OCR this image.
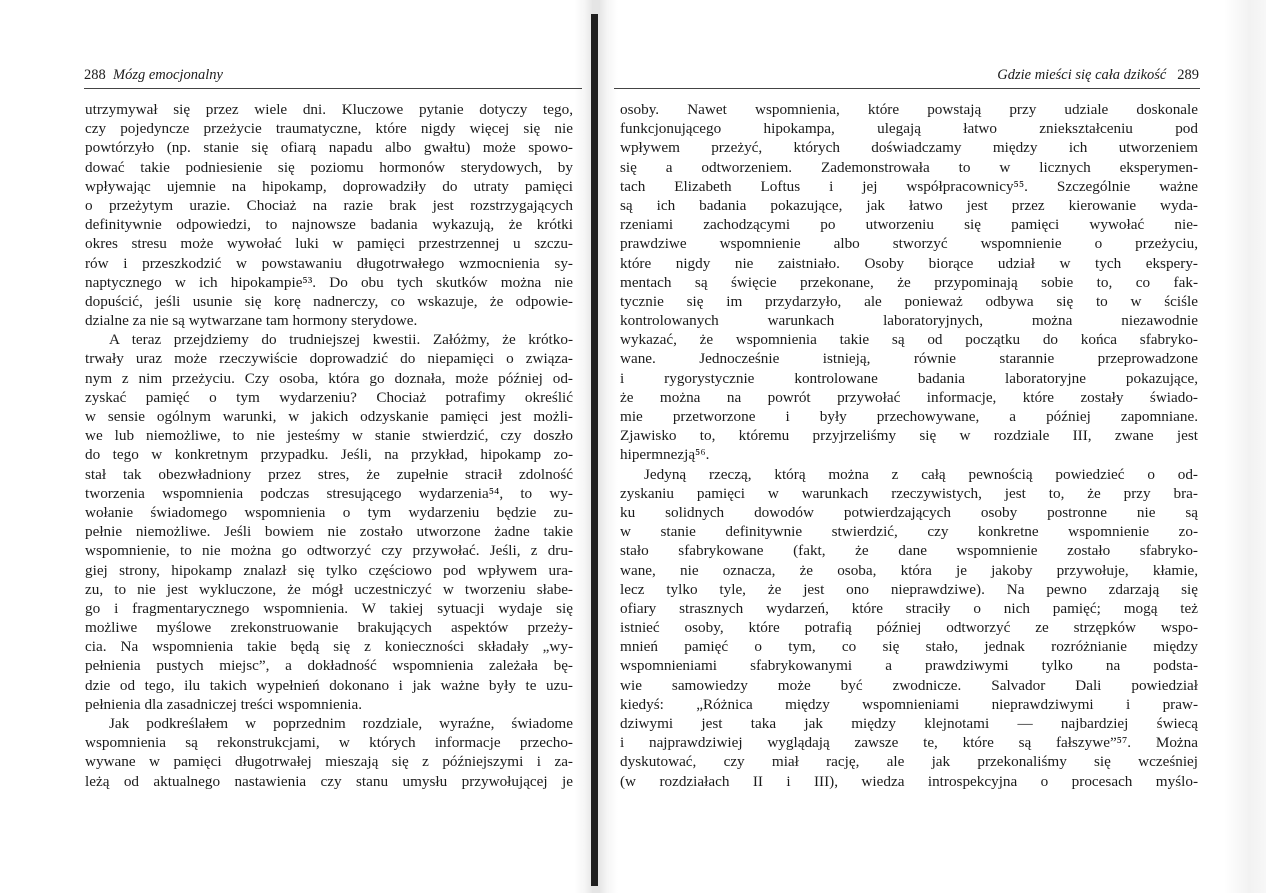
288 Mózg emocjonalny	Gdzie mieści się cała dzikość 289
utrzymywał się przez wiele dni. Kluczowe pytanie dotyczy tego,
czy pojedyncze przeżycie traumatyczne, które nigdy więcej się nie
powtórzyło (np. stanie się ofiarą napadu albo gwałtu) może spowo-
dować takie podniesienie się poziomu hormonów sterydowych, by
wpływając ujemnie na hipokamp, doprowadziły do utraty pamięci
o przeżytym urazie. Chociaż na razie brak jest rozstrzygających
definitywnie odpowiedzi, to najnowsze badania wykazują, że krótki
okres stresu może wywołać luki w pamięci przestrzennej u szczu-
rów i przeszkodzić w powstawaniu długotrwałego wzmocnienia sy-
naptycznego w ich hipokampie⁵³. Do obu tych skutków można nie
dopuścić, jeśli usunie się korę nadnerczy, co wskazuje, że odpowie-
dzialne za nie są wytwarzane tam hormony sterydowe.
A teraz przejdziemy do trudniejszej kwestii. Załóżmy, że krótko-
trwały uraz może rzeczywiście doprowadzić do niepamięci o związa-
nym z nim przeżyciu. Czy osoba, która go doznała, może później od-
zyskać pamięć o tym wydarzeniu? Chociaż potrafimy określić
w sensie ogólnym warunki, w jakich odzyskanie pamięci jest możli-
we lub niemożliwe, to nie jesteśmy w stanie stwierdzić, czy doszło
do tego w konkretnym przypadku. Jeśli, na przykład, hipokamp zo-
stał tak obezwładniony przez stres, że zupełnie stracił zdolność
tworzenia wspomnienia podczas stresującego wydarzenia⁵⁴, to wy-
wołanie świadomego wspomnienia o tym wydarzeniu będzie zu-
pełnie niemożliwe. Jeśli bowiem nie zostało utworzone żadne takie
wspomnienie, to nie można go odtworzyć czy przywołać. Jeśli, z dru-
giej strony, hipokamp znalazł się tylko częściowo pod wpływem ura-
zu, to nie jest wykluczone, że mógł uczestniczyć w tworzeniu słabe-
go i fragmentarycznego wspomnienia. W takiej sytuacji wydaje się
możliwe myślowe zrekonstruowanie brakujących aspektów przeży-
cia. Na wspomnienia takie będą się z konieczności składały „wy-
pełnienia pustych miejsc”, a dokładność wspomnienia zależała bę-
dzie od tego, ilu takich wypełnień dokonano i jak ważne były te uzu-
pełnienia dla zasadniczej treści wspomnienia.
Jak podkreślałem w poprzednim rozdziale, wyraźne, świadome
wspomnienia są rekonstrukcjami, w których informacje przecho-
wywane w pamięci długotrwałej mieszają się z późniejszymi i za-
leżą od aktualnego nastawienia czy stanu umysłu przywołującej je
osoby. Nawet wspomnienia, które powstają przy udziale doskonale
funkcjonującego hipokampa, ulegają łatwo zniekształceniu pod
wpływem przeżyć, których doświadczamy między ich utworzeniem
się a odtworzeniem. Zademonstrowała to w licznych eksperymen-
tach Elizabeth Loftus i jej współpracownicy⁵⁵. Szczególnie ważne
są ich badania pokazujące, jak łatwo jest przez kierowanie wyda-
rzeniami zachodzącymi po utworzeniu się pamięci wywołać nie-
prawdziwe wspomnienie albo stworzyć wspomnienie o przeżyciu,
które nigdy nie zaistniało. Osoby biorące udział w tych ekspery-
mentach są święcie przekonane, że przypominają sobie to, co fak-
tycznie się im przydarzyło, ale ponieważ odbywa się to w ściśle
kontrolowanych warunkach laboratoryjnych, można niezawodnie
wykazać, że wspomnienia takie są od początku do końca sfabryko-
wane. Jednocześnie istnieją, równie starannie przeprowadzone
i rygorystycznie kontrolowane badania laboratoryjne pokazujące,
że można na powrót przywołać informacje, które zostały świado-
mie przetworzone i były przechowywane, a później zapomniane.
Zjawisko to, któremu przyjrzeliśmy się w rozdziale III, zwane jest
hipermnezją⁵⁶.
Jedyną rzeczą, którą można z całą pewnością powiedzieć o od-
zyskaniu pamięci w warunkach rzeczywistych, jest to, że przy bra-
ku solidnych dowodów potwierdzających osoby postronne nie są
w stanie definitywnie stwierdzić, czy konkretne wspomnienie zo-
stało sfabrykowane (fakt, że dane wspomnienie zostało sfabryko-
wane, nie oznacza, że osoba, która je jakoby przywołuje, kłamie,
lecz tylko tyle, że jest ono nieprawdziwe). Na pewno zdarzają się
ofiary strasznych wydarzeń, które straciły o nich pamięć; mogą też
istnieć osoby, które potrafią później odtworzyć ze strzępków wspo-
mnień pamięć o tym, co się stało, jednak rozróżnianie między
wspomnieniami sfabrykowanymi a prawdziwymi tylko na podsta-
wie samowiedzy może być zwodnicze. Salvador Dali powiedział
kiedyś: „Różnica między wspomnieniami nieprawdziwymi i praw-
dziwymi jest taka jak między klejnotami — najbardziej świecą
i najprawdziwiej wyglądają zawsze te, które są fałszywe”⁵⁷. Można
dyskutować, czy miał rację, ale jak przekonaliśmy się wcześniej
(w rozdziałach II i III), wiedza introspekcyjna o procesach myślo-
